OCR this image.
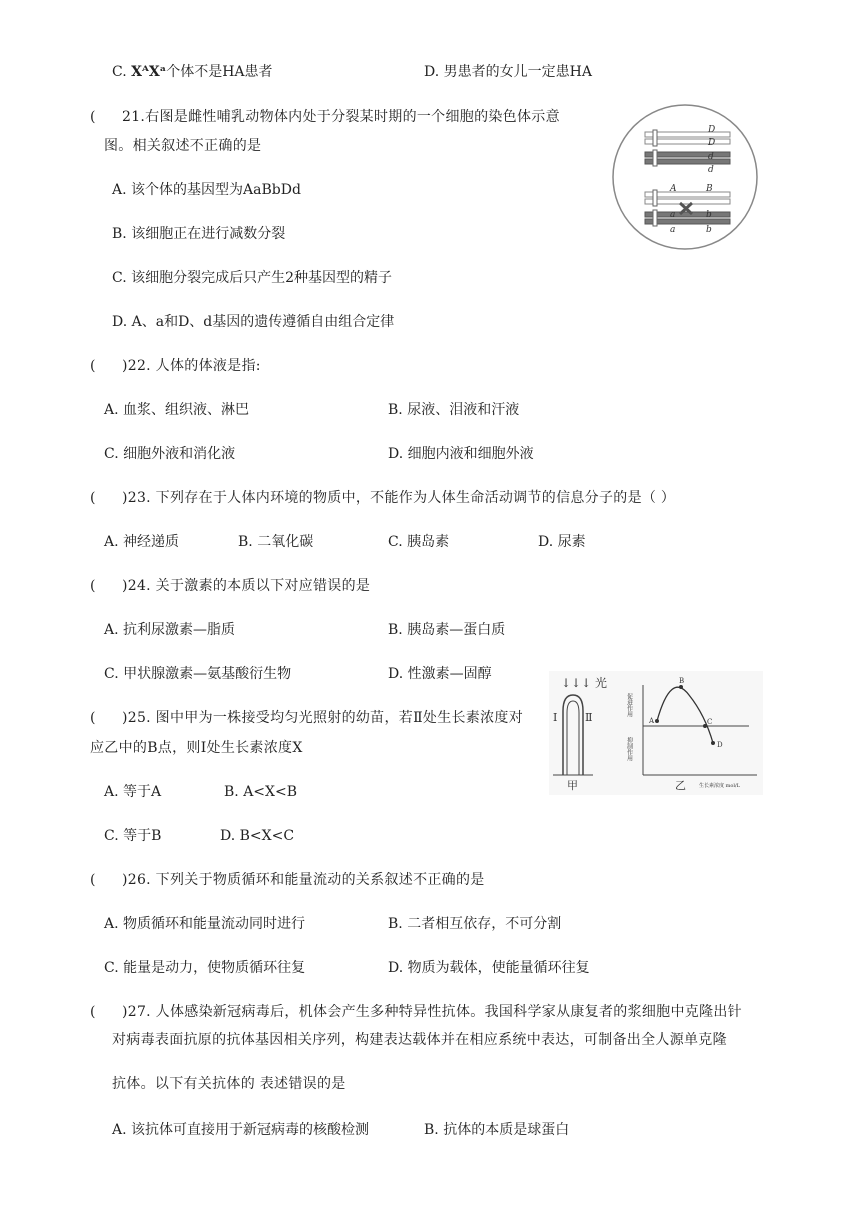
C. XᴬXᵃ个体不是HA患者	D. 男患者的女儿一定患HA
( 21.右图是雌性哺乳动物体内处于分裂某时期的一个细胞的染色体示意
图。相关叙述不正确的是
A. 该个体的基因型为AaBbDd
B. 该细胞正在进行减数分裂
C. 该细胞分裂完成后只产生2种基因型的精子
D. A、a和D、d基因的遗传遵循自由组合定律
D
D
d
d
A	B
a	b
a	b
( )22. 人体的体液是指:
A. 血浆、组织液、淋巴	B. 尿液、泪液和汗液
C. 细胞外液和消化液	D. 细胞内液和细胞外液
( )23. 下列存在于人体内环境的物质中，不能作为人体生命活动调节的信息分子的是（ ）
A. 神经递质	B. 二氧化碳	C. 胰岛素	D. 尿素
( )24. 关于激素的本质以下对应错误的是
A. 抗利尿激素—脂质	B. 胰岛素—蛋白质
C. 甲状腺激素—氨基酸衍生物	D. 性激素—固醇
( )25. 图中甲为一株接受均匀光照射的幼苗，若Ⅱ处生长素浓度对
应乙中的B点，则Ⅰ处生长素浓度X
A. 等于A	B. A<X<B
C. 等于B	D. B<X<C
↓↓↓ 光
Ⅰ	Ⅱ
甲
促进作用
抑制作用
A
B
C
D
乙	生长素浓度 mol/L
( )26. 下列关于物质循环和能量流动的关系叙述不正确的是
A. 物质循环和能量流动同时进行	B. 二者相互依存，不可分割
C. 能量是动力，使物质循环往复	D. 物质为载体，使能量循环往复
( )27. 人体感染新冠病毒后，机体会产生多种特异性抗体。我国科学家从康复者的浆细胞中克隆出针
对病毒表面抗原的抗体基因相关序列，构建表达载体并在相应系统中表达，可制备出全人源单克隆
抗体。以下有关抗体的 表述错误的是
A. 该抗体可直接用于新冠病毒的核酸检测	B. 抗体的本质是球蛋白
